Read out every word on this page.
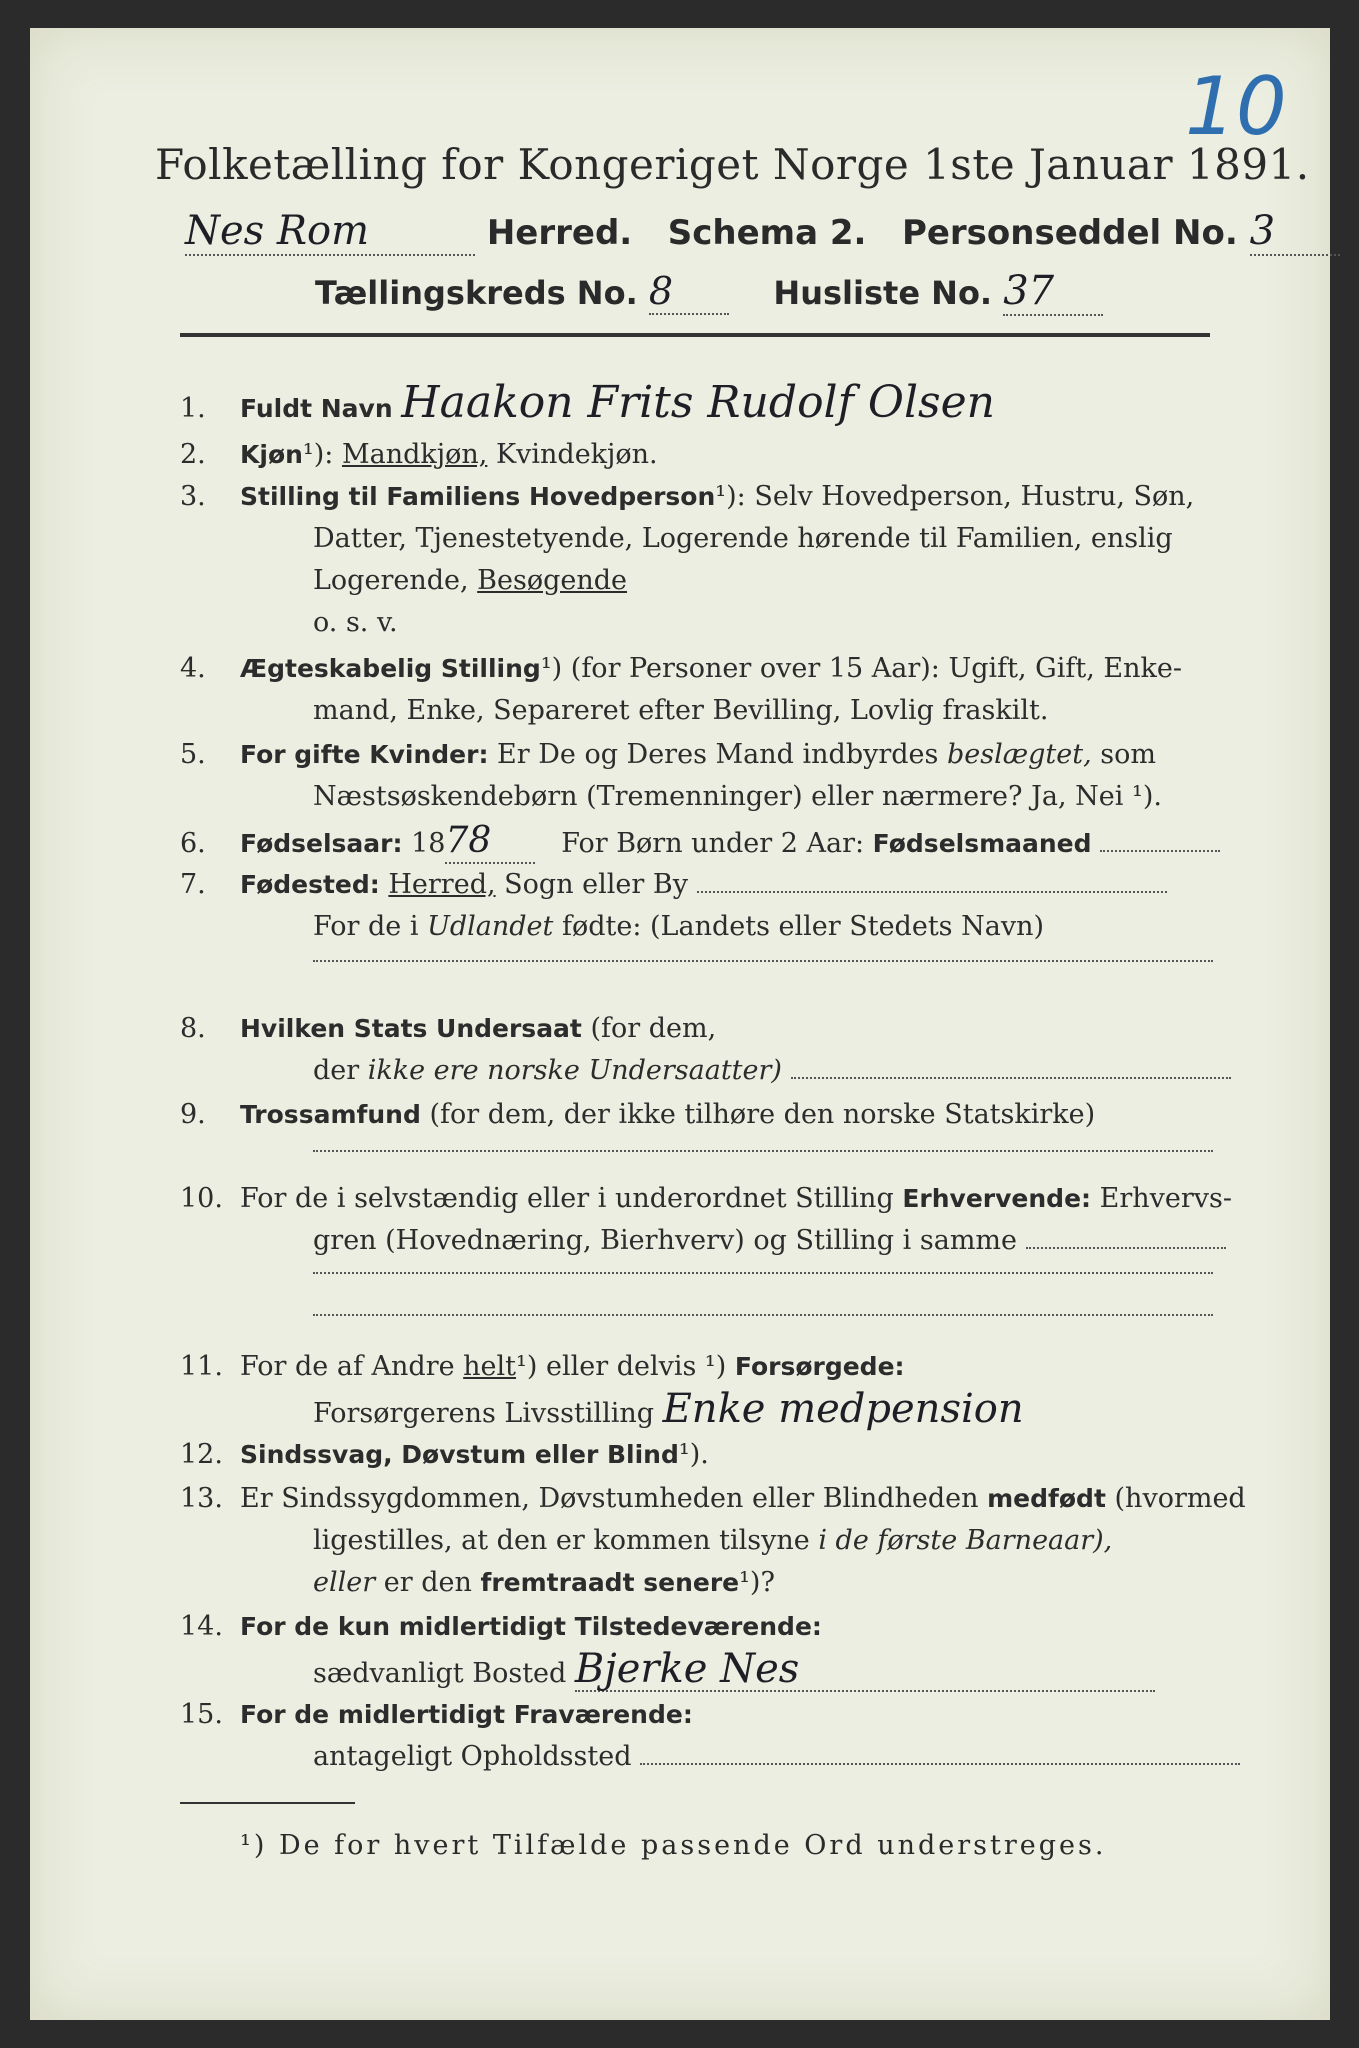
10
Folketælling for Kongeriget Norge 1ste Januar 1891.
Nes Rom	Herred. Schema 2. Personseddel No. 3
Tællingskreds No. 8	Husliste No. 37
1. Fuldt Navn Haakon Frits Rudolf Olsen
2. Kjøn¹): Mandkjøn, Kvindekjøn.
3. Stilling til Familiens Hovedperson¹): Selv Hovedperson, Hustru, Søn,
Datter, Tjenestetyende, Logerende hørende til Familien, enslig
Logerende, Besøgende
o. s. v.
4. Ægteskabelig Stilling¹) (for Personer over 15 Aar): Ugift, Gift, Enke-
mand, Enke, Separeret efter Bevilling, Lovlig fraskilt.
5. For gifte Kvinder: Er De og Deres Mand indbyrdes beslægtet, som
Næstsøskendebørn (Tremenninger) eller nærmere? Ja, Nei ¹).
6. Fødselsaar: 1878	For Børn under 2 Aar: Fødselsmaaned
7. Fødested: Herred, Sogn eller By
For de i Udlandet fødte: (Landets eller Stedets Navn)
8. Hvilken Stats Undersaat (for dem,
der ikke ere norske Undersaatter)
9. Trossamfund (for dem, der ikke tilhøre den norske Statskirke)
10. For de i selvstændig eller i underordnet Stilling Erhvervende: Erhvervs-
gren (Hovednæring, Bierhverv) og Stilling i samme
11. For de af Andre helt¹) eller delvis ¹) Forsørgede:
Forsørgerens Livsstilling Enke medpension
12. Sindssvag, Døvstum eller Blind¹).
13. Er Sindssygdommen, Døvstumheden eller Blindheden medfødt (hvormed
ligestilles, at den er kommen tilsyne i de første Barneaar),
eller er den fremtraadt senere¹)?
14. For de kun midlertidigt Tilstedeværende:
sædvanligt Bosted Bjerke Nes
15. For de midlertidigt Fraværende:
antageligt Opholdssted
¹) De for hvert Tilfælde passende Ord understreges.
